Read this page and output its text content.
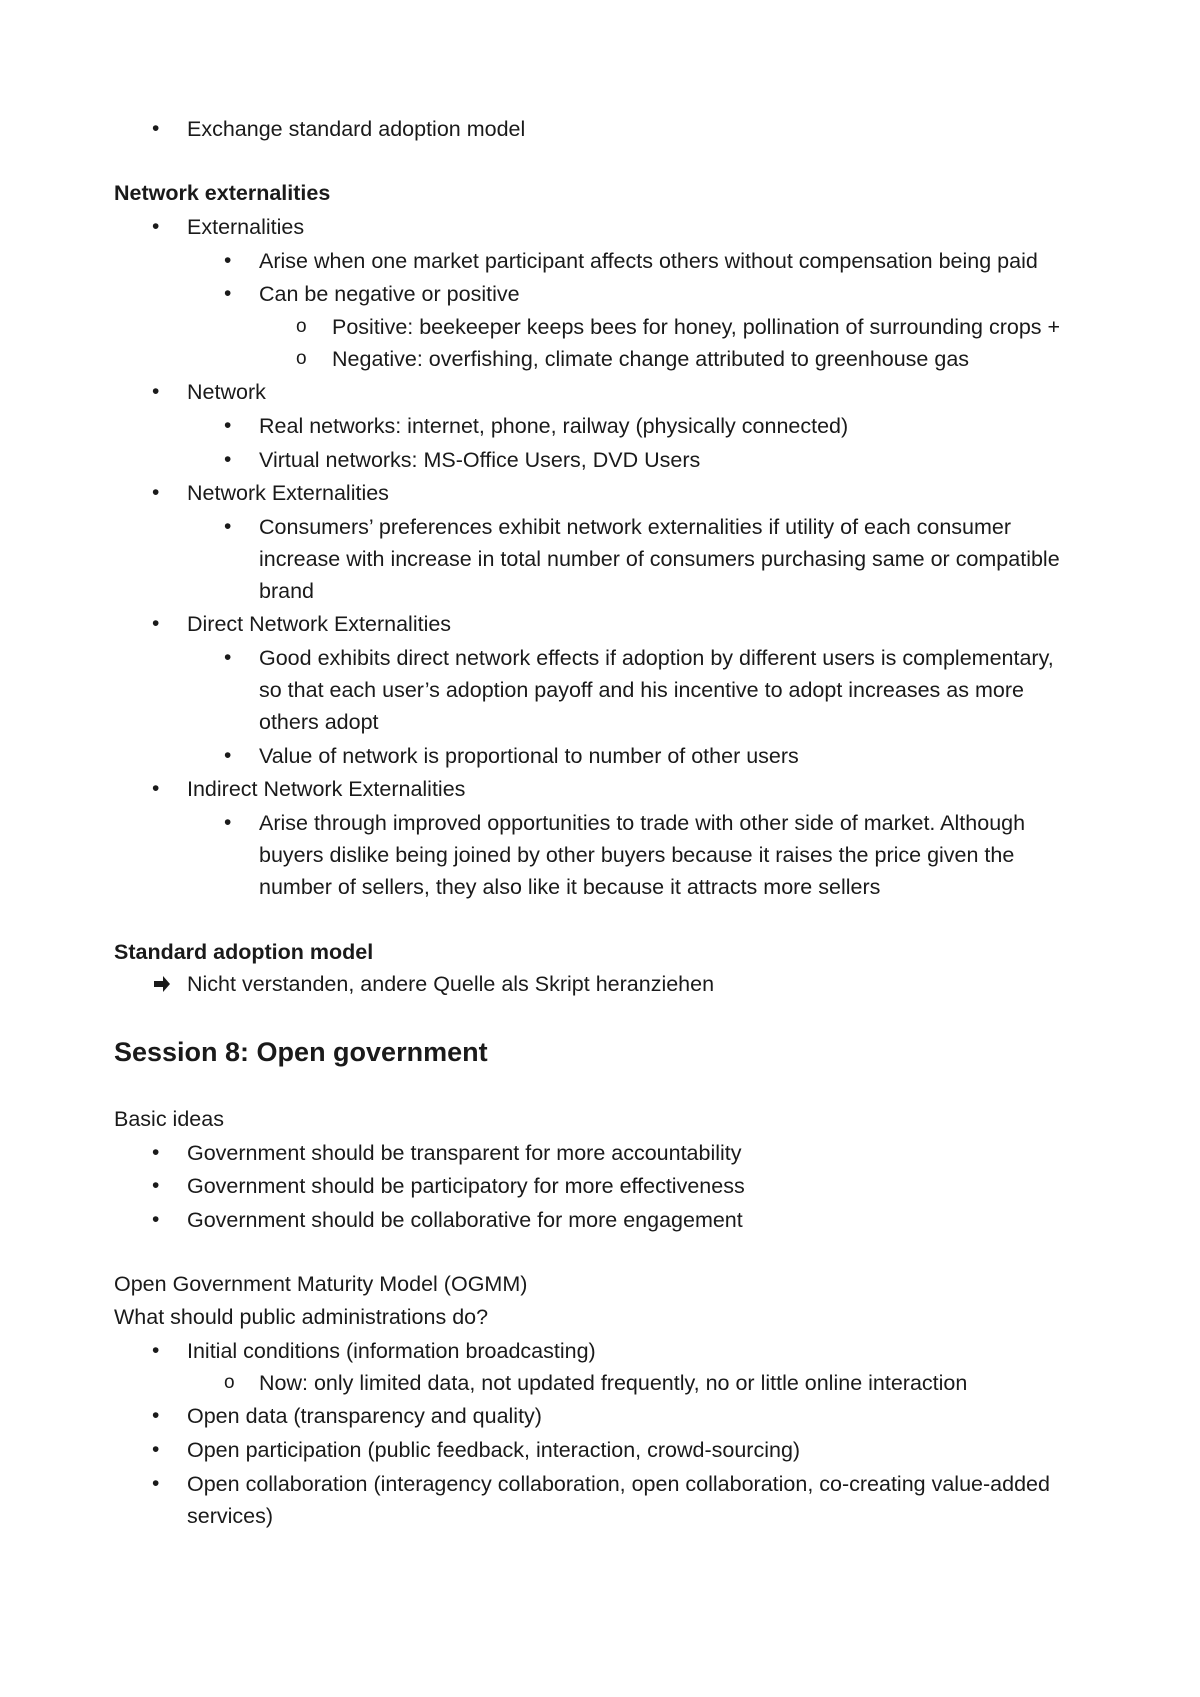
• Exchange standard adoption model
Network externalities
• Externalities
• Arise when one market participant affects others without compensation being paid
• Can be negative or positive
o Positive: beekeeper keeps bees for honey, pollination of surrounding crops +
o Negative: overfishing, climate change attributed to greenhouse gas
• Network
• Real networks: internet, phone, railway (physically connected)
• Virtual networks: MS-Office Users, DVD Users
• Network Externalities
• Consumers’ preferences exhibit network externalities if utility of each consumer
increase with increase in total number of consumers purchasing same or compatible
brand
• Direct Network Externalities
• Good exhibits direct network effects if adoption by different users is complementary,
so that each user’s adoption payoff and his incentive to adopt increases as more
others adopt
• Value of network is proportional to number of other users
• Indirect Network Externalities
• Arise through improved opportunities to trade with other side of market. Although
buyers dislike being joined by other buyers because it raises the price given the
number of sellers, they also like it because it attracts more sellers
Standard adoption model
Nicht verstanden, andere Quelle als Skript heranziehen
Session 8: Open government
Basic ideas
• Government should be transparent for more accountability
• Government should be participatory for more effectiveness
• Government should be collaborative for more engagement
Open Government Maturity Model (OGMM)
What should public administrations do?
• Initial conditions (information broadcasting)
o Now: only limited data, not updated frequently, no or little online interaction
• Open data (transparency and quality)
• Open participation (public feedback, interaction, crowd-sourcing)
• Open collaboration (interagency collaboration, open collaboration, co-creating value-added
services)
